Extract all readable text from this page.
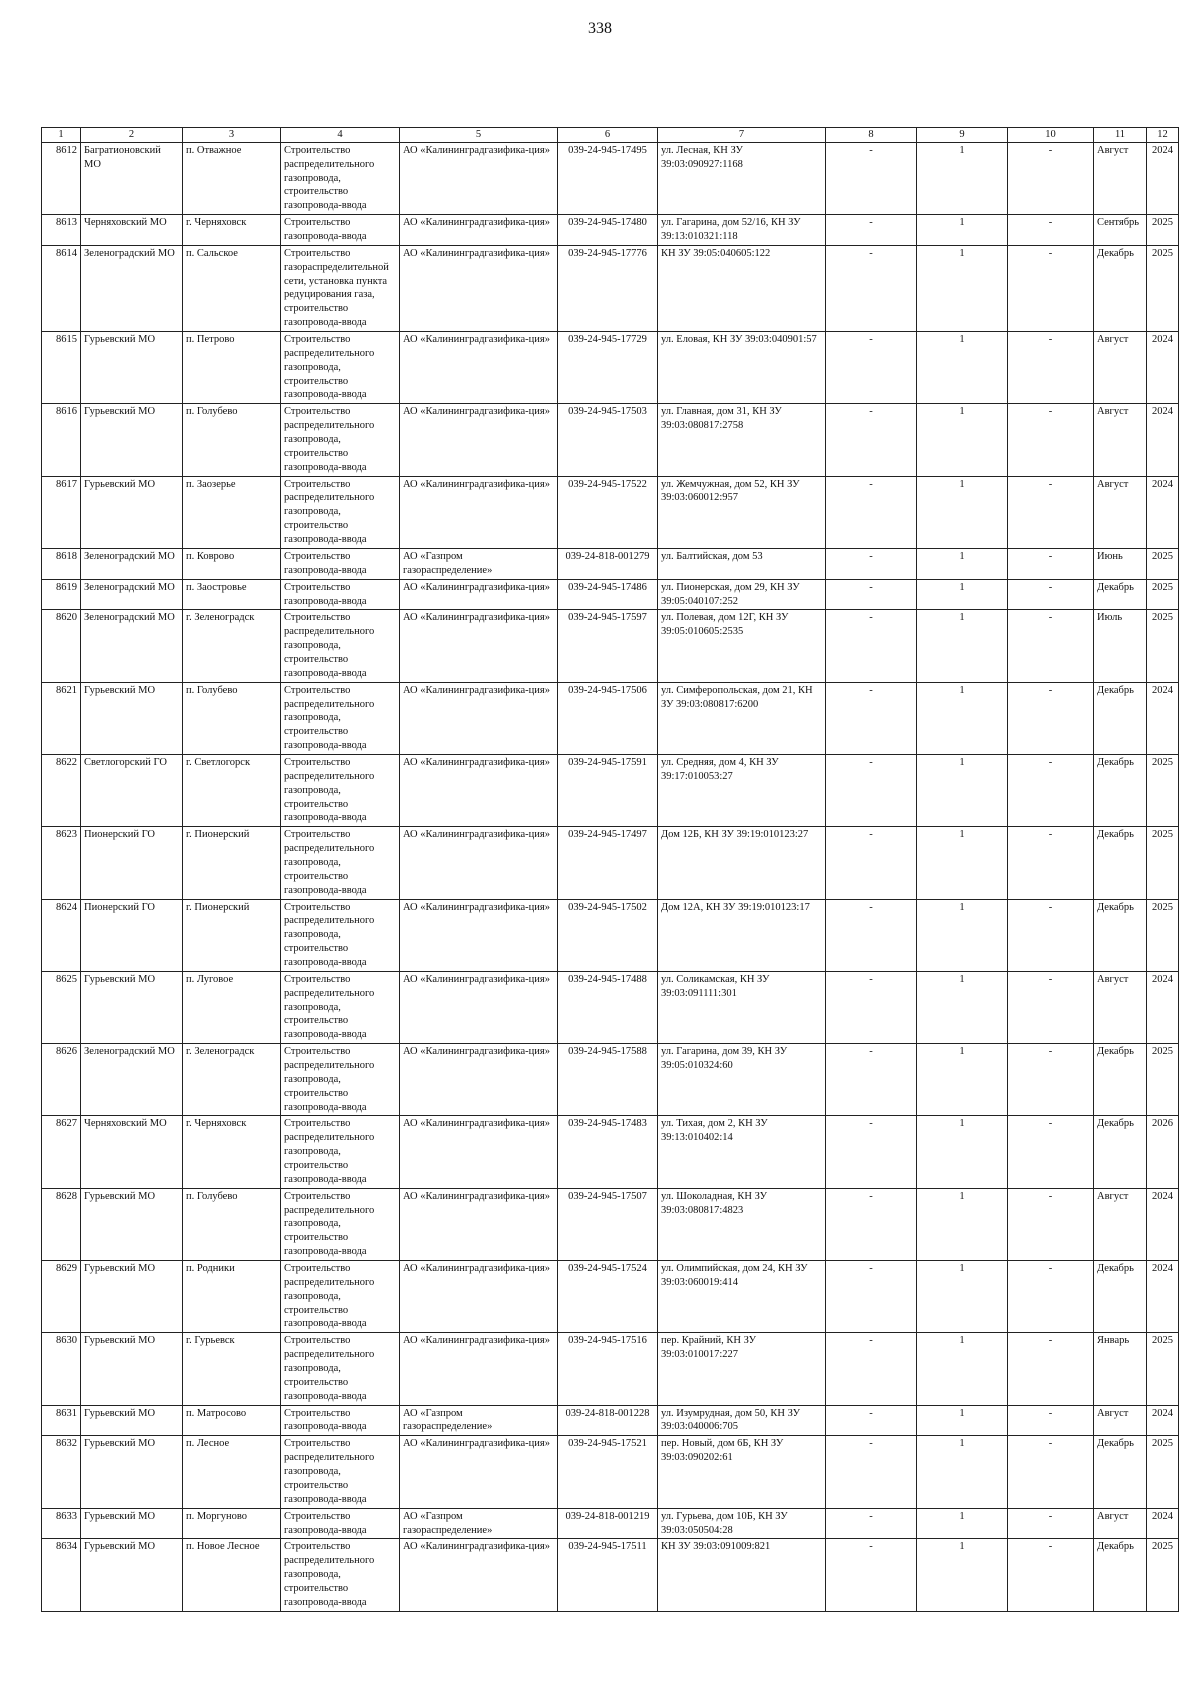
338
1	2	3	4	5	6	7	8	9	10	11	12
8612	Багратионовский МО	п. Отважное	Строительство распределительного газопровода, строительство газопровода-ввода	АО «Калининградгазифика-ция»	039-24-945-17495	ул. Лесная, КН ЗУ 39:03:090927:1168	-	1	-	Август	2024
8613	Черняховский МО	г. Черняховск	Строительство газопровода-ввода	АО «Калининградгазифика-ция»	039-24-945-17480	ул. Гагарина, дом 52/16, КН ЗУ 39:13:010321:118	-	1	-	Сентябрь	2025
8614	Зеленоградский МО	п. Сальское	Строительство газораспределительной сети, установка пункта редуцирования газа, строительство газопровода-ввода	АО «Калининградгазифика-ция»	039-24-945-17776	КН ЗУ 39:05:040605:122	-	1	-	Декабрь	2025
8615	Гурьевский МО	п. Петрово	Строительство распределительного газопровода, строительство газопровода-ввода	АО «Калининградгазифика-ция»	039-24-945-17729	ул. Еловая, КН ЗУ 39:03:040901:57	-	1	-	Август	2024
8616	Гурьевский МО	п. Голубево	Строительство распределительного газопровода, строительство газопровода-ввода	АО «Калининградгазифика-ция»	039-24-945-17503	ул. Главная, дом 31, КН ЗУ 39:03:080817:2758	-	1	-	Август	2024
8617	Гурьевский МО	п. Заозерье	Строительство распределительного газопровода, строительство газопровода-ввода	АО «Калининградгазифика-ция»	039-24-945-17522	ул. Жемчужная, дом 52, КН ЗУ 39:03:060012:957	-	1	-	Август	2024
8618	Зеленоградский МО	п. Коврово	Строительство газопровода-ввода	АО «Газпром газораспределение»	039-24-818-001279	ул. Балтийская, дом 53	-	1	-	Июнь	2025
8619	Зеленоградский МО	п. Заостровье	Строительство газопровода-ввода	АО «Калининградгазифика-ция»	039-24-945-17486	ул. Пионерская, дом 29, КН ЗУ 39:05:040107:252	-	1	-	Декабрь	2025
8620	Зеленоградский МО	г. Зеленоградск	Строительство распределительного газопровода, строительство газопровода-ввода	АО «Калининградгазифика-ция»	039-24-945-17597	ул. Полевая, дом 12Г, КН ЗУ 39:05:010605:2535	-	1	-	Июль	2025
8621	Гурьевский МО	п. Голубево	Строительство распределительного газопровода, строительство газопровода-ввода	АО «Калининградгазифика-ция»	039-24-945-17506	ул. Симферопольская, дом 21, КН ЗУ 39:03:080817:6200	-	1	-	Декабрь	2024
8622	Светлогорский ГО	г. Светлогорск	Строительство распределительного газопровода, строительство газопровода-ввода	АО «Калининградгазифика-ция»	039-24-945-17591	ул. Средняя, дом 4, КН ЗУ 39:17:010053:27	-	1	-	Декабрь	2025
8623	Пионерский ГО	г. Пионерский	Строительство распределительного газопровода, строительство газопровода-ввода	АО «Калининградгазифика-ция»	039-24-945-17497	Дом 12Б, КН ЗУ 39:19:010123:27	-	1	-	Декабрь	2025
8624	Пионерский ГО	г. Пионерский	Строительство распределительного газопровода, строительство газопровода-ввода	АО «Калининградгазифика-ция»	039-24-945-17502	Дом 12А, КН ЗУ 39:19:010123:17	-	1	-	Декабрь	2025
8625	Гурьевский МО	п. Луговое	Строительство распределительного газопровода, строительство газопровода-ввода	АО «Калининградгазифика-ция»	039-24-945-17488	ул. Соликамская, КН ЗУ 39:03:091111:301	-	1	-	Август	2024
8626	Зеленоградский МО	г. Зеленоградск	Строительство распределительного газопровода, строительство газопровода-ввода	АО «Калининградгазифика-ция»	039-24-945-17588	ул. Гагарина, дом 39, КН ЗУ 39:05:010324:60	-	1	-	Декабрь	2025
8627	Черняховский МО	г. Черняховск	Строительство распределительного газопровода, строительство газопровода-ввода	АО «Калининградгазифика-ция»	039-24-945-17483	ул. Тихая, дом 2, КН ЗУ 39:13:010402:14	-	1	-	Декабрь	2026
8628	Гурьевский МО	п. Голубево	Строительство распределительного газопровода, строительство газопровода-ввода	АО «Калининградгазифика-ция»	039-24-945-17507	ул. Шоколадная, КН ЗУ 39:03:080817:4823	-	1	-	Август	2024
8629	Гурьевский МО	п. Родники	Строительство распределительного газопровода, строительство газопровода-ввода	АО «Калининградгазифика-ция»	039-24-945-17524	ул. Олимпийская, дом 24, КН ЗУ 39:03:060019:414	-	1	-	Декабрь	2024
8630	Гурьевский МО	г. Гурьевск	Строительство распределительного газопровода, строительство газопровода-ввода	АО «Калининградгазифика-ция»	039-24-945-17516	пер. Крайний, КН ЗУ 39:03:010017:227	-	1	-	Январь	2025
8631	Гурьевский МО	п. Матросово	Строительство газопровода-ввода	АО «Газпром газораспределение»	039-24-818-001228	ул. Изумрудная, дом 50, КН ЗУ 39:03:040006:705	-	1	-	Август	2024
8632	Гурьевский МО	п. Лесное	Строительство распределительного газопровода, строительство газопровода-ввода	АО «Калининградгазифика-ция»	039-24-945-17521	пер. Новый, дом 6Б, КН ЗУ 39:03:090202:61	-	1	-	Декабрь	2025
8633	Гурьевский МО	п. Моргуново	Строительство газопровода-ввода	АО «Газпром газораспределение»	039-24-818-001219	ул. Гурьева, дом 10Б, КН ЗУ 39:03:050504:28	-	1	-	Август	2024
8634	Гурьевский МО	п. Новое Лесное	Строительство распределительного газопровода, строительство газопровода-ввода	АО «Калининградгазифика-ция»	039-24-945-17511	КН ЗУ 39:03:091009:821	-	1	-	Декабрь	2025
